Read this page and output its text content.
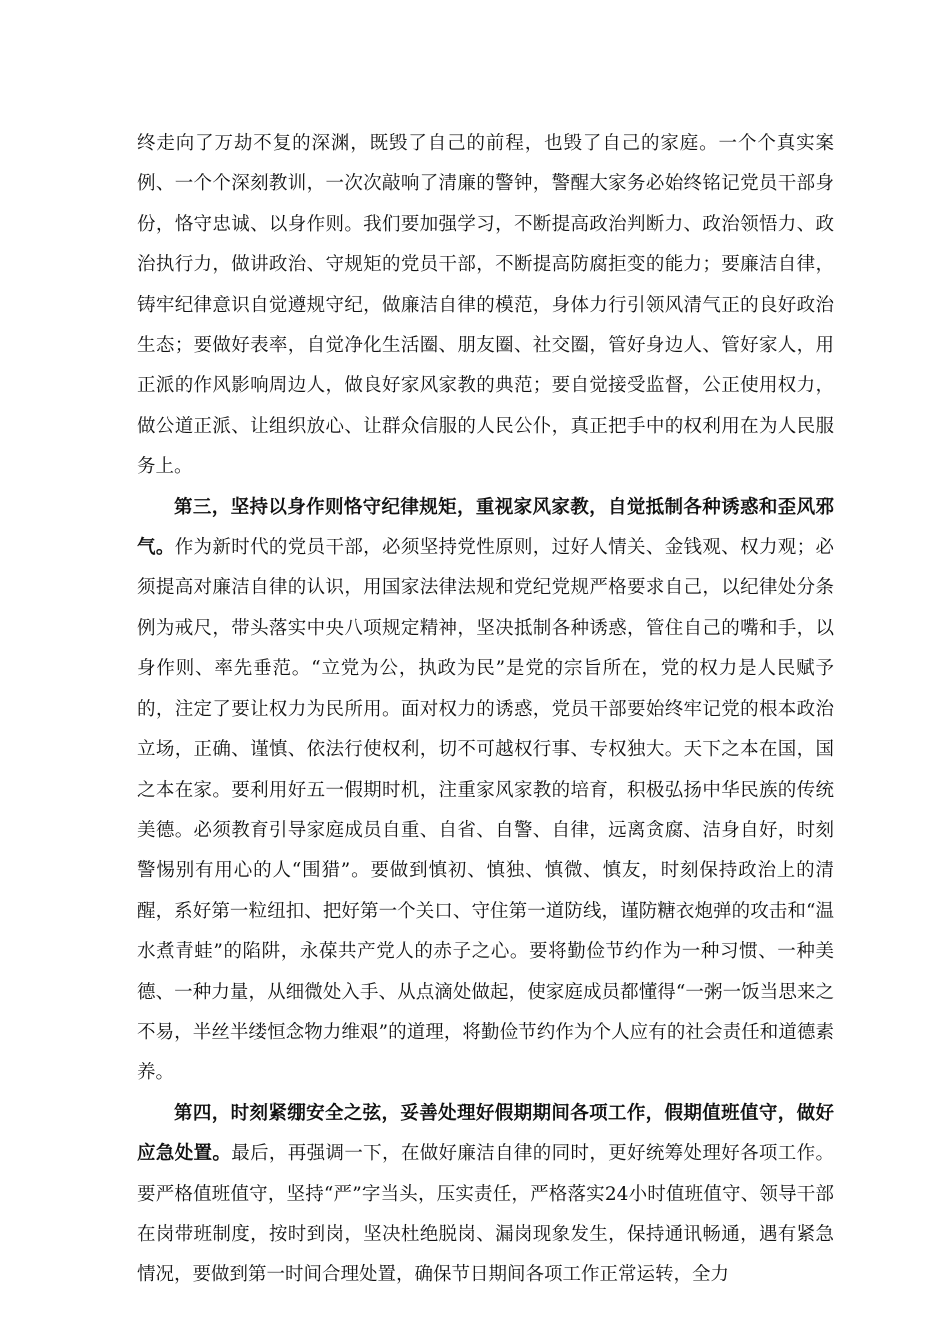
终走向了万劫不复的深渊，既毁了自己的前程，也毁了自己的家庭。一个个真实案例、一个个深刻教训，一次次敲响了清廉的警钟，警醒大家务必始终铭记党员干部身份，恪守忠诚、以身作则。我们要加强学习，不断提高政治判断力、政治领悟力、政治执行力，做讲政治、守规矩的党员干部，不断提高防腐拒变的能力；要廉洁自律，铸牢纪律意识自觉遵规守纪，做廉洁自律的模范，身体力行引领风清气正的良好政治生态；要做好表率，自觉净化生活圈、朋友圈、社交圈，管好身边人、管好家人，用正派的作风影响周边人，做良好家风家教的典范；要自觉接受监督，公正使用权力，做公道正派、让组织放心、让群众信服的人民公仆，真正把手中的权利用在为人民服务上。

第三，坚持以身作则恪守纪律规矩，重视家风家教，自觉抵制各种诱惑和歪风邪气。作为新时代的党员干部，必须坚持党性原则，过好人情关、金钱观、权力观；必须提高对廉洁自律的认识，用国家法律法规和党纪党规严格要求自己，以纪律处分条例为戒尺，带头落实中央八项规定精神，坚决抵制各种诱惑，管住自己的嘴和手，以身作则、率先垂范。“立党为公，执政为民”是党的宗旨所在，党的权力是人民赋予的，注定了要让权力为民所用。面对权力的诱惑，党员干部要始终牢记党的根本政治立场，正确、谨慎、依法行使权利，切不可越权行事、专权独大。天下之本在国，国之本在家。要利用好五一假期时机，注重家风家教的培育，积极弘扬中华民族的传统美德。必须教育引导家庭成员自重、自省、自警、自律，远离贪腐、洁身自好，时刻警惕别有用心的人“围猎”。要做到慎初、慎独、慎微、慎友，时刻保持政治上的清醒，系好第一粒纽扣、把好第一个关口、守住第一道防线，谨防糖衣炮弹的攻击和“温水煮青蛙”的陷阱，永葆共产党人的赤子之心。要将勤俭节约作为一种习惯、一种美德、一种力量，从细微处入手、从点滴处做起，使家庭成员都懂得“一粥一饭当思来之不易，半丝半缕恒念物力维艰”的道理，将勤俭节约作为个人应有的社会责任和道德素养。

第四，时刻紧绷安全之弦，妥善处理好假期期间各项工作，假期值班值守，做好应急处置。最后，再强调一下，在做好廉洁自律的同时，更好统筹处理好各项工作。要严格值班值守，坚持“严”字当头，压实责任，严格落实24小时值班值守、领导干部在岗带班制度，按时到岗，坚决杜绝脱岗、漏岗现象发生，保持通讯畅通，遇有紧急情况，要做到第一时间合理处置，确保节日期间各项工作正常运转，全力
